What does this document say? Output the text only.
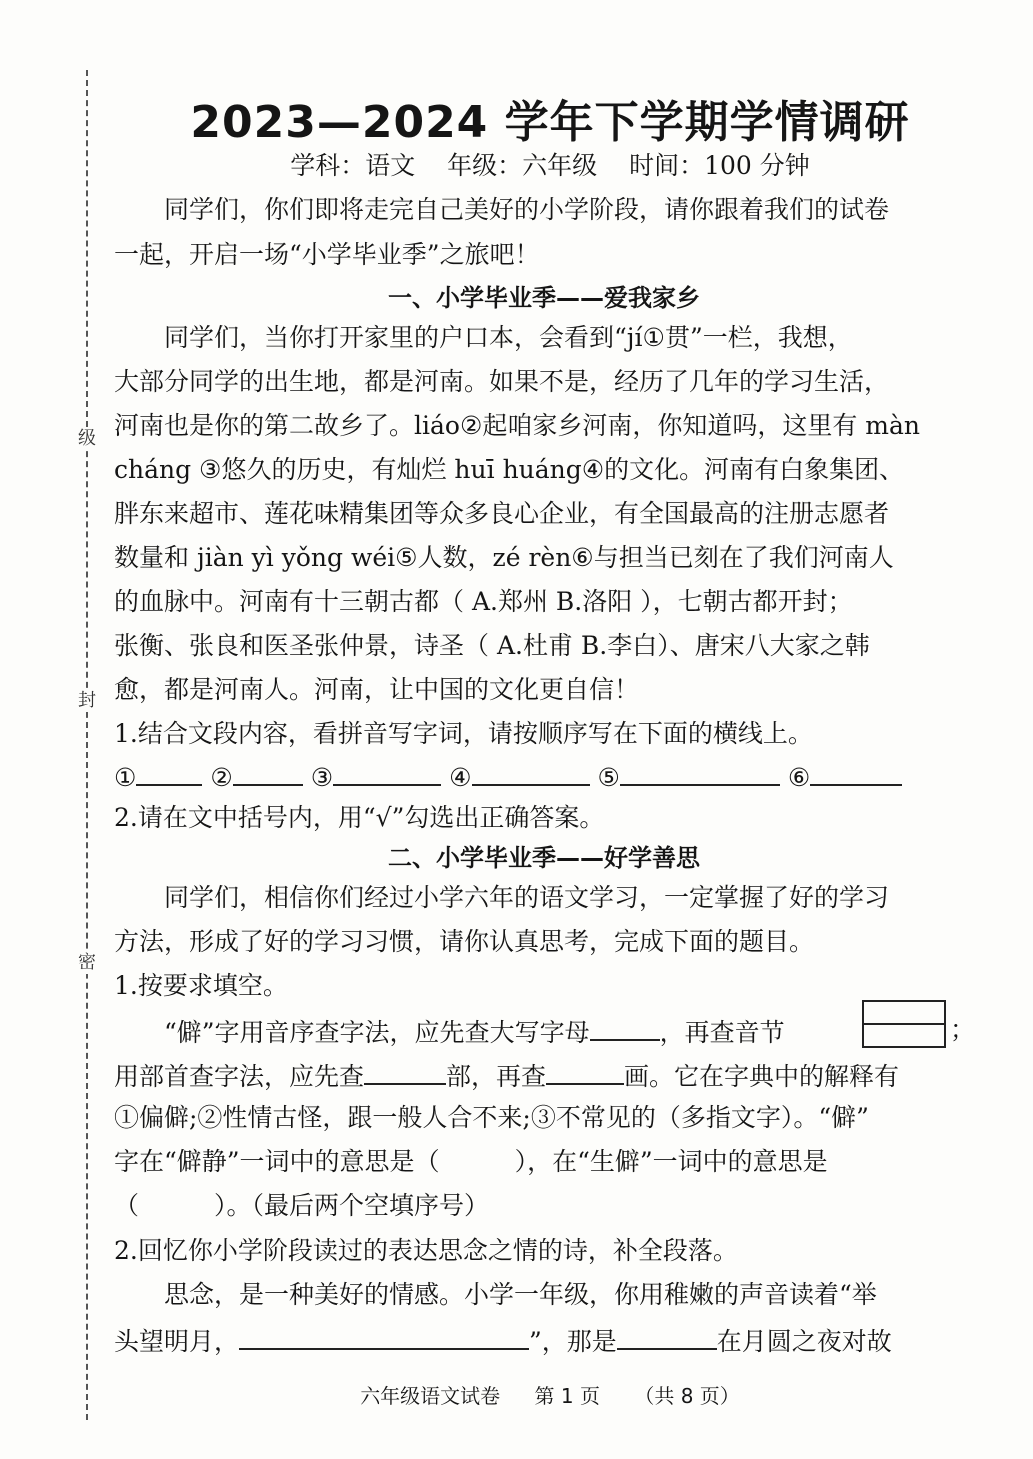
级
封
密
2023—2024 学年下学期学情调研
学科：语文 年级：六年级 时间：100 分钟
同学们，你们即将走完自己美好的小学阶段，请你跟着我们的试卷
一起，开启一场“小学毕业季”之旅吧！
一、小学毕业季——爱我家乡
同学们，当你打开家里的户口本，会看到“jí①贯”一栏，我想，
大部分同学的出生地，都是河南。如果不是，经历了几年的学习生活，
河南也是你的第二故乡了。liáo②起咱家乡河南，你知道吗，这里有 màn
cháng ③悠久的历史，有灿烂 huī huáng④的文化。河南有白象集团、
胖东来超市、莲花味精集团等众多良心企业，有全国最高的注册志愿者
数量和 jiàn yì yǒng wéi⑤人数，zé rèn⑥与担当已刻在了我们河南人
的血脉中。河南有十三朝古都（ A.郑州 B.洛阳 ），七朝古都开封；
张衡、张良和医圣张仲景，诗圣（ A.杜甫 B.李白）、唐宋八大家之韩
愈，都是河南人。河南，让中国的文化更自信！
1.结合文段内容，看拼音写字词，请按顺序写在下面的横线上。
①	②	③	④	⑤	⑥
2.请在文中括号内，用“√”勾选出正确答案。
二、小学毕业季——好学善思
同学们，相信你们经过小学六年的语文学习，一定掌握了好的学习
方法，形成了好的学习习惯，请你认真思考，完成下面的题目。
1.按要求填空。
“僻”字用音序查字法，应先查大写字母	，再查音节	；
用部首查字法，应先查	部，再查	画。它在字典中的解释有
①偏僻;②性情古怪，跟一般人合不来;③不常见的（多指文字）。“僻”
字在“僻静”一词中的意思是（　　　），在“生僻”一词中的意思是
（　　　）。（最后两个空填序号）
2.回忆你小学阶段读过的表达思念之情的诗，补全段落。
思念，是一种美好的情感。小学一年级，你用稚嫩的声音读着“举
头望明月，	”，那是	在月圆之夜对故
六年级语文试卷 第 1 页 （共 8 页）
